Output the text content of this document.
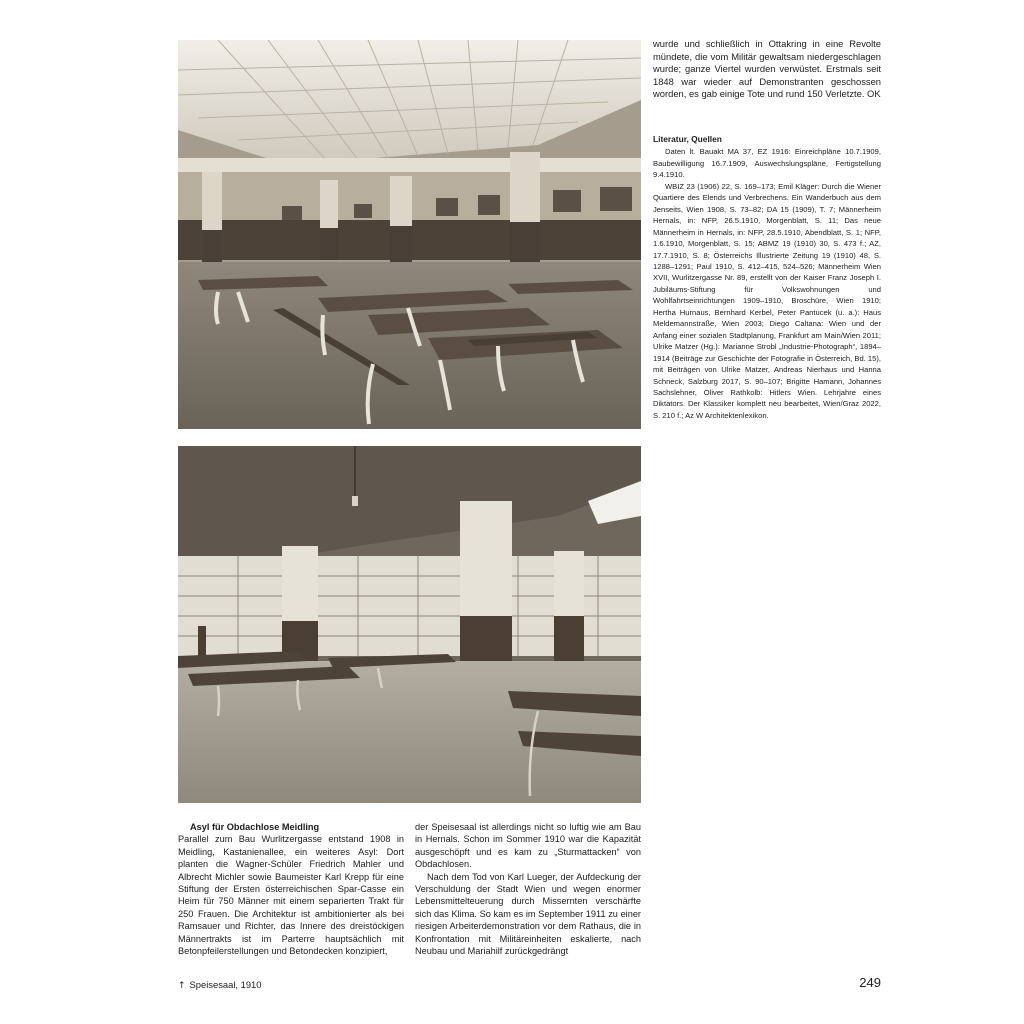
wurde und schließlich in Ottakring in eine Revolte mündete, die vom Militär gewaltsam niedergeschlagen wurde; ganze Viertel wurden verwüstet. Erstmals seit 1848 war wieder auf Demonstranten geschossen worden, es gab einige Tote und rund 150 Verletzte. OK

Literatur, Quellen

Daten lt. Bauakt MA 37, EZ 1916: Einreichpläne 10.7.1909, Baubewilligung 16.7.1909, Auswechslungspläne, Fertigstellung 9.4.1910.

WBIZ 23 (1906) 22, S. 169–173; Emil Kläger: Durch die Wiener Quartiere des Elends und Verbrechens. Ein Wanderbuch aus dem Jenseits, Wien 1908, S. 73–82; DA 15 (1909), T. 7; Männerheim Hernals, in: NFP, 26.5.1910, Morgenblatt, S. 11; Das neue Männerheim in Hernals, in: NFP, 28.5.1910, Abendblatt, S. 1; NFP, 1.6.1910, Morgenblatt, S. 15; ABMZ 19 (1910) 30, S. 473 f.; AZ, 17.7.1910, S. 8; Österreichs Illustrierte Zeitung 19 (1910) 48, S. 1288–1291; Paul 1910, S. 412–415, 524–526; Männerheim Wien XVII, Wurlitzergasse Nr. 89, erstellt von der Kaiser Franz Joseph I. Jubiläums-Stiftung für Volkswohnungen und Wohlfahrtseinrichtungen 1909–1910, Broschüre, Wien 1910; Hertha Hurnaus, Bernhard Kerbel, Peter Pantucek (u. a.): Haus Meldemannstraße, Wien 2003; Diego Caltana: Wien und der Anfang einer sozialen Stadtplanung, Frankfurt am Main/Wien 2011; Ulrike Matzer (Hg.): Marianne Strobl „Industrie-Photograph“, 1894–1914 (Beiträge zur Geschichte der Fotografie in Österreich, Bd. 15), mit Beiträgen von Ulrike Matzer, Andreas Nierhaus und Hanna Schneck, Salzburg 2017, S. 90–107; Brigitte Hamann, Johannes Sachslehner, Oliver Rathkolb: Hitlers Wien. Lehrjahre eines Diktators. Der Klassiker komplett neu bearbeitet, Wien/Graz 2022, S. 210 f.; Az W Architektenlexikon.

Asyl für Obdachlose Meidling

Parallel zum Bau Wurlitzergasse entstand 1908 in Meidling, Kastanienallee, ein weiteres Asyl: Dort planten die Wagner-Schüler Friedrich Mahler und Albrecht Michler sowie Baumeister Karl Krepp für eine Stiftung der Ersten österreichischen Spar-Casse ein Heim für 750 Männer mit einem separierten Trakt für 250 Frauen. Die Architektur ist ambitionierter als bei Ramsauer und Richter, das Innere des dreistöckigen Männertrakts ist im Parterre hauptsächlich mit Betonpfeilerstellungen und Betondecken konzipiert,

der Speisesaal ist allerdings nicht so luftig wie am Bau in Hernals. Schon im Sommer 1910 war die Kapazität ausgeschöpft und es kam zu „Sturmattacken“ von Obdachlosen.

Nach dem Tod von Karl Lueger, der Aufdeckung der Verschuldung der Stadt Wien und wegen enormer Lebensmittelteuerung durch Missernten verschärfte sich das Klima. So kam es im September 1911 zu einer riesigen Arbeiterdemonstration vor dem Rathaus, die in Konfrontation mit Militäreinheiten eskalierte, nach Neubau und Mariahilf zurückgedrängt

↑ Speisesaal, 1910	249
